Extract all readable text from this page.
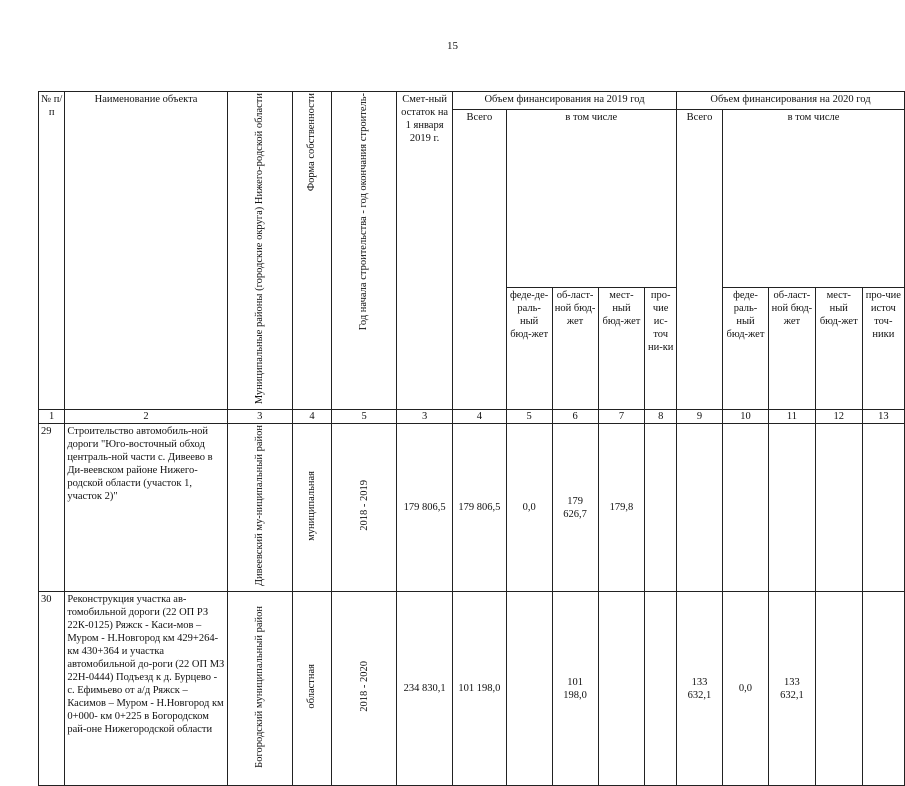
15
№ п/ п	Наименование объекта	Муниципальные районы (городские округа) Нижего-родской области	Форма собственности	Год начала строительства - год окончания строитель-	Смет-ный остаток на 1 января 2019 г.	Объем финансирования на 2019 год					Объем финансирования на 2020 год				
						Всего	в том числе				Всего	в том числе			
							феде-де-раль-ный бюд-жет	об-ласт-ной бюд-жет	мест-ный бюд-жет	про-чие ис-точ ни-ки		феде-раль-ный бюд-жет	об-ласт-ной бюд-жет	мест-ный бюд-жет	про-чие источ точ-ники
1	2	3	4	5	3	4	5	6	7	8	9	10	11	12	13
29	Строительство автомобиль-ной дороги "Юго-восточный обход централь-ной части с. Дивеево в Ди-веевском районе Нижего-родской области (участок 1, участок 2)"	Дивеевский му-ниципальный район	муниципальная	2018 - 2019	179 806,5	179 806,5	0,0	179 626,7	179,8						
30	Реконструкция участка ав-томобильной дороги (22 ОП РЗ 22К-0125) Ряжск - Каси-мов – Муром - Н.Новгород км 429+264- км 430+364 и участка автомобильной до-роги (22 ОП МЗ 22Н-0444) Подъезд к д. Бурцево - с. Ефимьево от а/д Ряжск – Касимов – Муром - Н.Новгород км 0+000- км 0+225 в Богородском рай-оне Нижегородской области	Богородский муниципальный район	областная	2018 - 2020	234 830,1	101 198,0		101 198,0			133 632,1	0,0	133 632,1		
